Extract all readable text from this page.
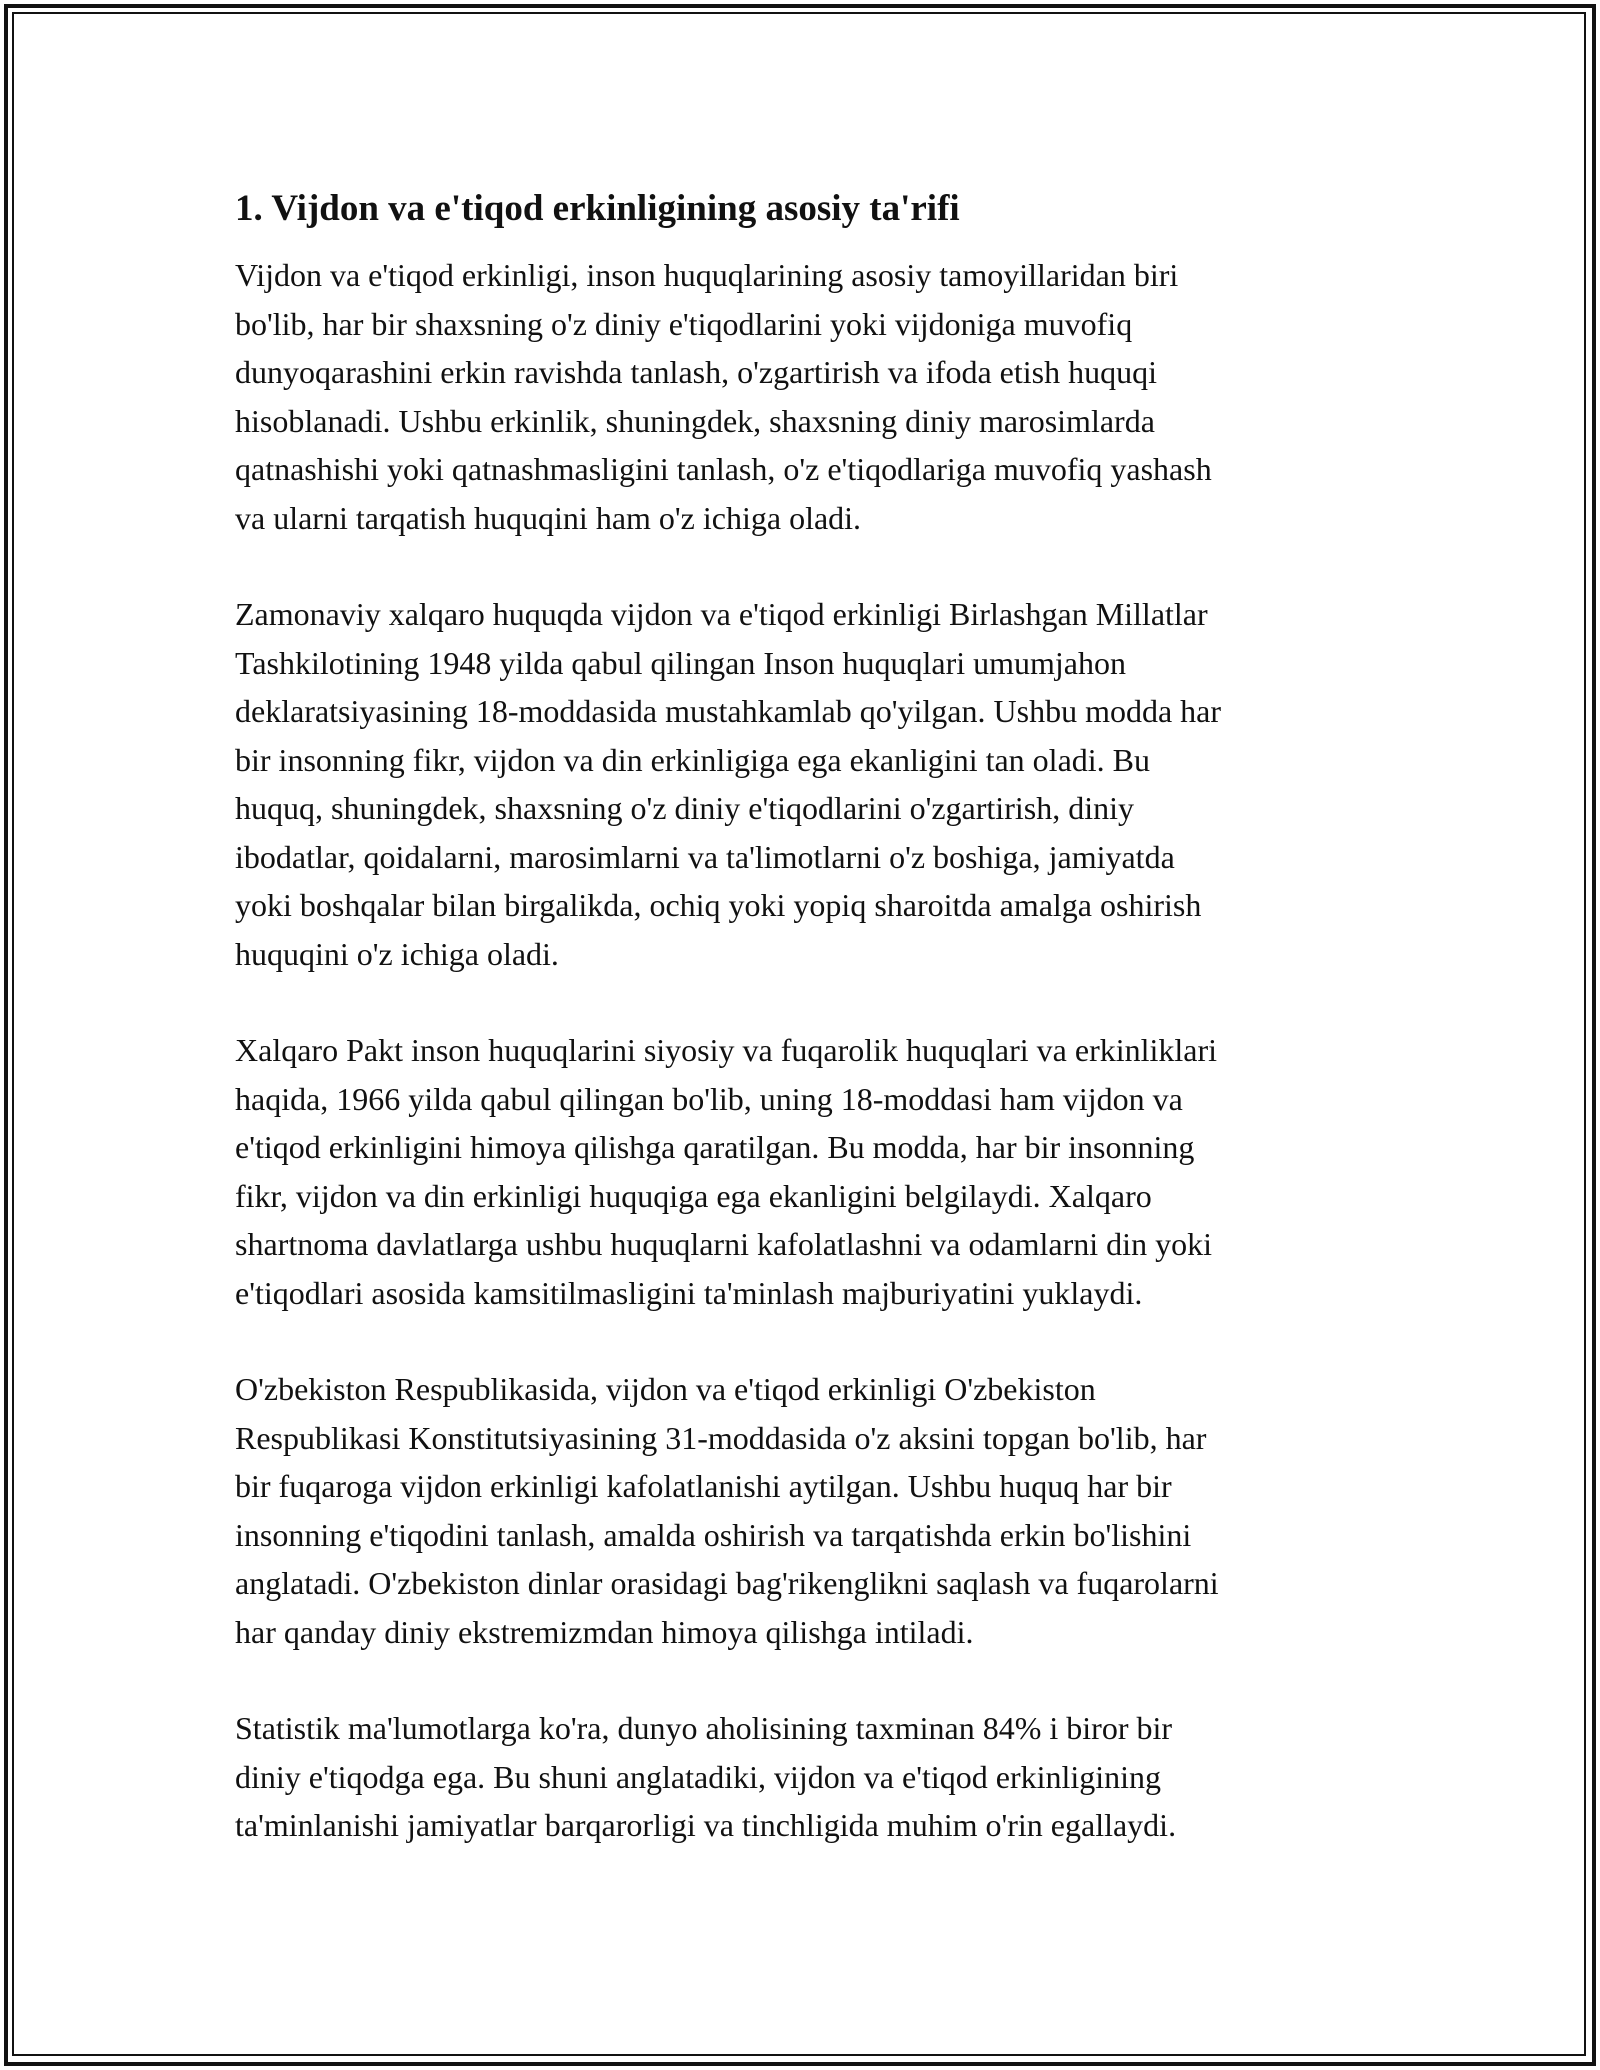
1. Vijdon va e'tiqod erkinligining asosiy ta'rifi

Vijdon va e'tiqod erkinligi, inson huquqlarining asosiy tamoyillaridan biri
bo'lib, har bir shaxsning o'z diniy e'tiqodlarini yoki vijdoniga muvofiq
dunyoqarashini erkin ravishda tanlash, o'zgartirish va ifoda etish huquqi
hisoblanadi. Ushbu erkinlik, shuningdek, shaxsning diniy marosimlarda
qatnashishi yoki qatnashmasligini tanlash, o'z e'tiqodlariga muvofiq yashash
va ularni tarqatish huquqini ham o'z ichiga oladi.

Zamonaviy xalqaro huquqda vijdon va e'tiqod erkinligi Birlashgan Millatlar
Tashkilotining 1948 yilda qabul qilingan Inson huquqlari umumjahon
deklaratsiyasining 18-moddasida mustahkamlab qo'yilgan. Ushbu modda har
bir insonning fikr, vijdon va din erkinligiga ega ekanligini tan oladi. Bu
huquq, shuningdek, shaxsning o'z diniy e'tiqodlarini o'zgartirish, diniy
ibodatlar, qoidalarni, marosimlarni va ta'limotlarni o'z boshiga, jamiyatda
yoki boshqalar bilan birgalikda, ochiq yoki yopiq sharoitda amalga oshirish
huquqini o'z ichiga oladi.

Xalqaro Pakt inson huquqlarini siyosiy va fuqarolik huquqlari va erkinliklari
haqida, 1966 yilda qabul qilingan bo'lib, uning 18-moddasi ham vijdon va
e'tiqod erkinligini himoya qilishga qaratilgan. Bu modda, har bir insonning
fikr, vijdon va din erkinligi huquqiga ega ekanligini belgilaydi. Xalqaro
shartnoma davlatlarga ushbu huquqlarni kafolatlashni va odamlarni din yoki
e'tiqodlari asosida kamsitilmasligini ta'minlash majburiyatini yuklaydi.

O'zbekiston Respublikasida, vijdon va e'tiqod erkinligi O'zbekiston
Respublikasi Konstitutsiyasining 31-moddasida o'z aksini topgan bo'lib, har
bir fuqaroga vijdon erkinligi kafolatlanishi aytilgan. Ushbu huquq har bir
insonning e'tiqodini tanlash, amalda oshirish va tarqatishda erkin bo'lishini
anglatadi. O'zbekiston dinlar orasidagi bag'rikenglikni saqlash va fuqarolarni
har qanday diniy ekstremizmdan himoya qilishga intiladi.

Statistik ma'lumotlarga ko'ra, dunyo aholisining taxminan 84% i biror bir
diniy e'tiqodga ega. Bu shuni anglatadiki, vijdon va e'tiqod erkinligining
ta'minlanishi jamiyatlar barqarorligi va tinchligida muhim o'rin egallaydi.
